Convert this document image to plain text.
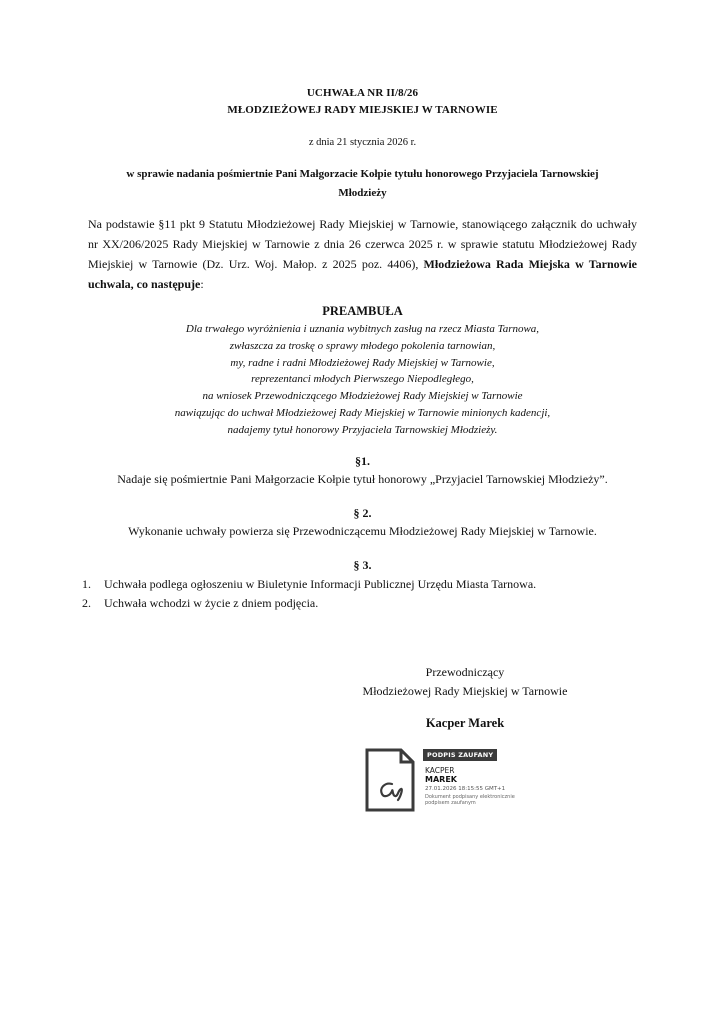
UCHWAŁA NR II/8/26
MŁODZIEŻOWEJ RADY MIEJSKIEJ W TARNOWIE
z dnia 21 stycznia 2026 r.
w sprawie nadania pośmiertnie Pani Małgorzacie Kołpie tytułu honorowego Przyjaciela Tarnowskiej
Młodzieży
Na podstawie §11 pkt 9 Statutu Młodzieżowej Rady Miejskiej w Tarnowie, stanowiącego załącznik do uchwały nr XX/206/2025 Rady Miejskiej w Tarnowie z dnia 26 czerwca 2025 r. w sprawie statutu Młodzieżowej Rady Miejskiej w Tarnowie (Dz. Urz. Woj. Małop. z 2025 poz. 4406), Młodzieżowa Rada Miejska w Tarnowie uchwala, co następuje:
PREAMBUŁA
Dla trwałego wyróżnienia i uznania wybitnych zasług na rzecz Miasta Tarnowa,
zwłaszcza za troskę o sprawy młodego pokolenia tarnowian,
my, radne i radni Młodzieżowej Rady Miejskiej w Tarnowie,
reprezentanci młodych Pierwszego Niepodległego,
na wniosek Przewodniczącego Młodzieżowej Rady Miejskiej w Tarnowie
nawiązując do uchwał Młodzieżowej Rady Miejskiej w Tarnowie minionych kadencji,
nadajemy tytuł honorowy Przyjaciela Tarnowskiej Młodzieży.
§1.
Nadaje się pośmiertnie Pani Małgorzacie Kołpie tytuł honorowy „Przyjaciel Tarnowskiej Młodzieży”.
§ 2.
Wykonanie uchwały powierza się Przewodniczącemu Młodzieżowej Rady Miejskiej w Tarnowie.
§ 3.
1.	Uchwała podlega ogłoszeniu w Biuletynie Informacji Publicznej Urzędu Miasta Tarnowa.
2.	Uchwała wchodzi w życie z dniem podjęcia.
Przewodniczący
Młodzieżowej Rady Miejskiej w Tarnowie
Kacper Marek
PODPIS ZAUFANY
KACPER
MAREK
27.01.2026 18:15:55 GMT+1
Dokument podpisany elektronicznie podpisem zaufanym
